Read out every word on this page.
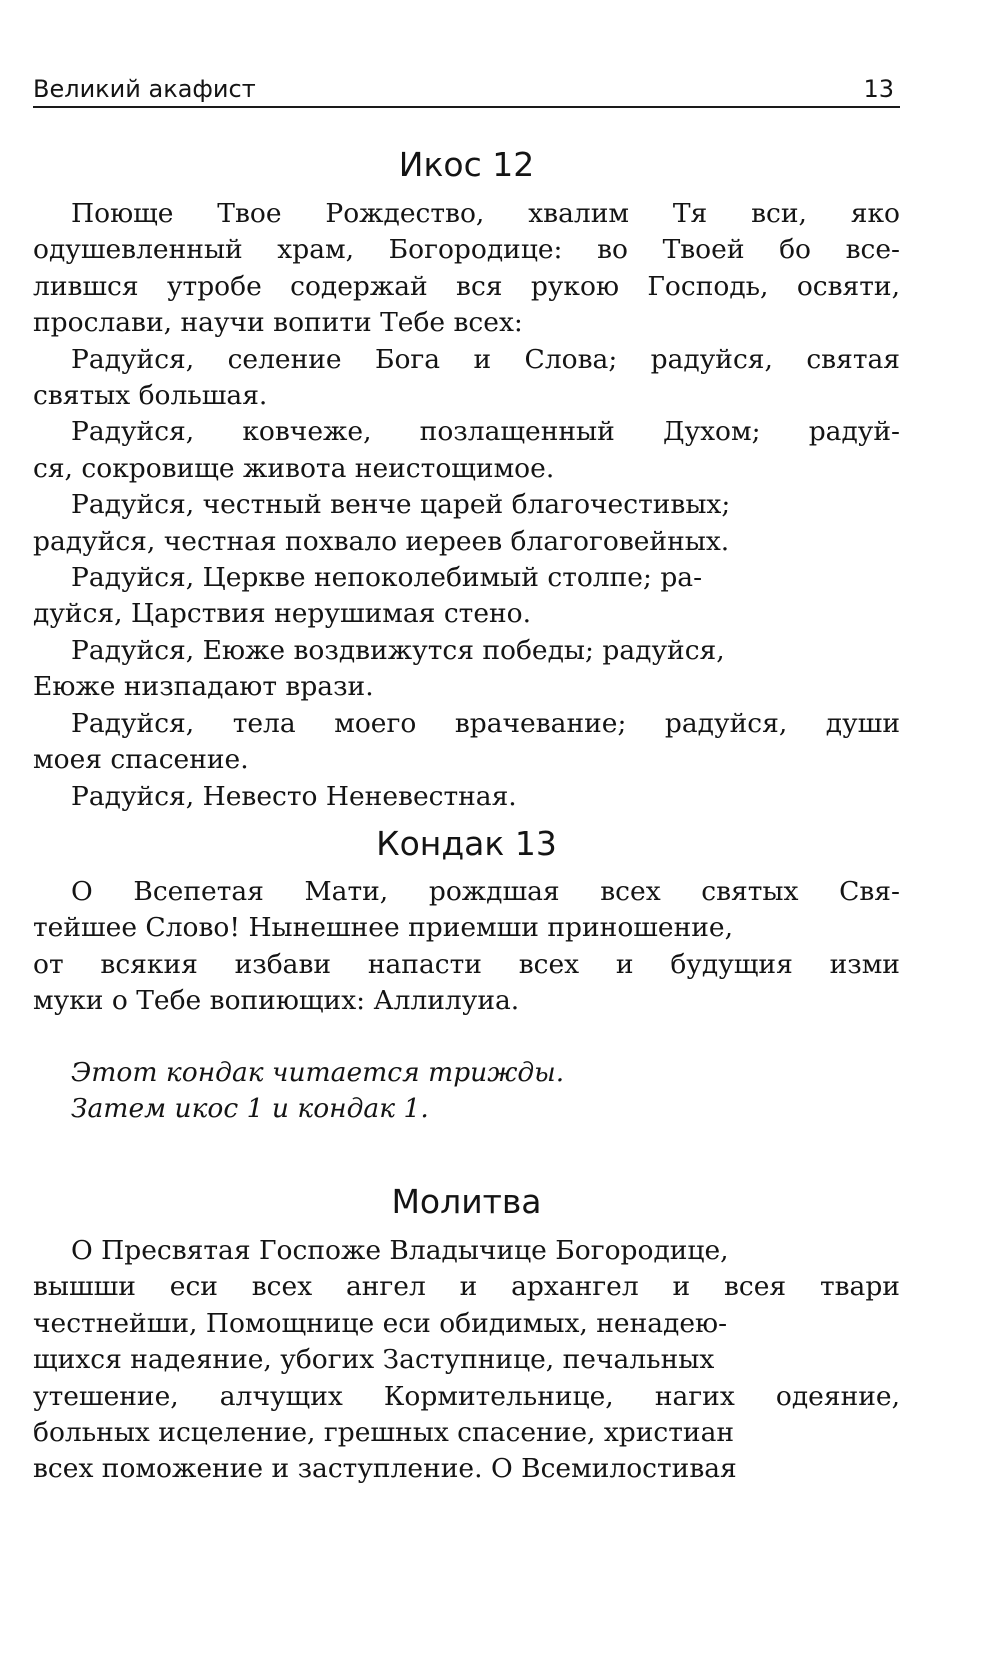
Великий акафист	13
Икос 12
Поюще Твое Рождество, хвалим Тя вси, яко
одушевленный храм, Богородице: во Твоей бо все-
лившся утробе содержай вся рукою Господь, освяти,
прослави, научи вопити Тебе всех:
Радуйся, селение Бога и Слова; радуйся, святая
святых большая.
Радуйся, ковчеже, позлащенный Духом; радуй-
ся, сокровище живота неистощимое.
Радуйся, честный венче царей благочестивых;
радуйся, честная похвало иереев благоговейных.
Радуйся, Церкве непоколебимый столпе; ра-
дуйся, Царствия нерушимая стено.
Радуйся, Еюже воздвижутся победы; радуйся,
Еюже низпадают врази.
Радуйся, тела моего врачевание; радуйся, души
моея спасение.
Радуйся, Невесто Неневестная.
Кондак 13
О Всепетая Мати, рождшая всех святых Свя-
тейшее Слово! Нынешнее приемши приношение,
от всякия избави напасти всех и будущия изми
муки о Тебе вопиющих: Аллилуиа.
Этот кондак читается трижды.
Затем икос 1 и кондак 1.
Молитва
О Пресвятая Госпоже Владычице Богородице,
вышши еси всех ангел и архангел и всея твари
честнейши, Помощнице еси обидимых, ненадею-
щихся надеяние, убогих Заступнице, печальных
утешение, алчущих Кормительнице, нагих одеяние,
больных исцеление, грешных спасение, христиан
всех поможение и заступление. О Всемилостивая
